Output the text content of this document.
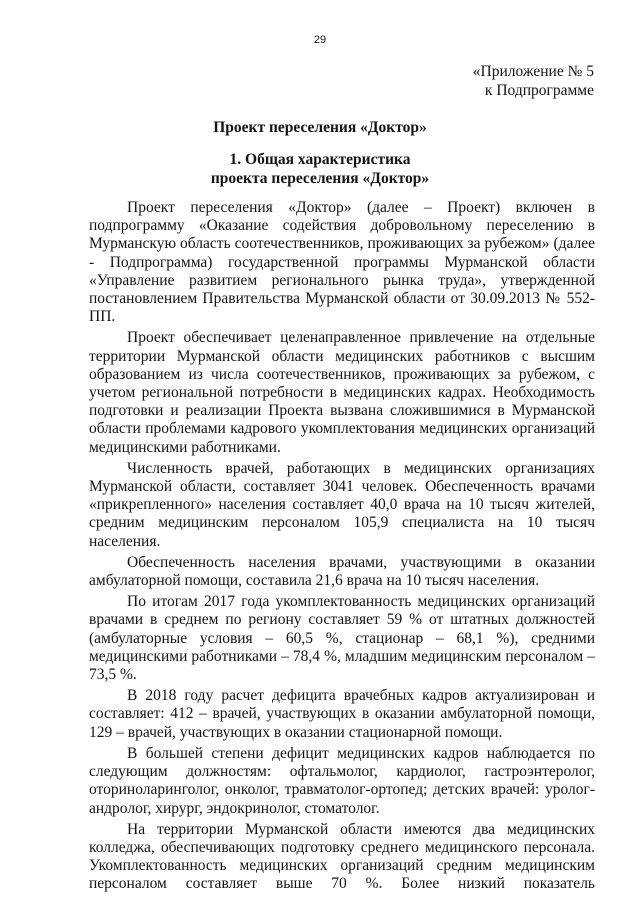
29
«Приложение № 5
к Подпрограмме
Проект переселения «Доктор»
1. Общая характеристика
проекта переселения «Доктор»

Проект переселения «Доктор» (далее – Проект) включен в подпрограмму «Оказание содействия добровольному переселению в Мурманскую область соотечественников, проживающих за рубежом» (далее - Подпрограмма) государственной программы Мурманской области «Управление развитием регионального рынка труда», утвержденной постановлением Правительства Мурманской области от 30.09.2013 № 552-ПП.

Проект обеспечивает целенаправленное привлечение на отдельные территории Мурманской области медицинских работников с высшим образованием из числа соотечественников, проживающих за рубежом, с учетом региональной потребности в медицинских кадрах. Необходимость подготовки и реализации Проекта вызвана сложившимися в Мурманской области проблемами кадрового укомплектования медицинских организаций медицинскими работниками.

Численность врачей, работающих в медицинских организациях Мурманской области, составляет 3041 человек. Обеспеченность врачами «прикрепленного» населения составляет 40,0 врача на 10 тысяч жителей, средним медицинским персоналом 105,9 специалиста на 10 тысяч населения.

Обеспеченность населения врачами, участвующими в оказании амбулаторной помощи, составила 21,6 врача на 10 тысяч населения.

По итогам 2017 года укомплектованность медицинских организаций врачами в среднем по региону составляет 59 % от штатных должностей (амбулаторные условия – 60,5 %, стационар – 68,1 %), средними медицинскими работниками – 78,4 %, младшим медицинским персоналом – 73,5 %.

В 2018 году расчет дефицита врачебных кадров актуализирован и составляет: 412 – врачей, участвующих в оказании амбулаторной помощи, 129 – врачей, участвующих в оказании стационарной помощи.

В большей степени дефицит медицинских кадров наблюдается по следующим должностям: офтальмолог, кардиолог, гастроэнтеролог, оториноларинголог, онколог, травматолог-ортопед; детских врачей: уролог-андролог, хирург, эндокринолог, стоматолог.

На территории Мурманской области имеются два медицинских колледжа, обеспечивающих подготовку среднего медицинского персонала. Укомплектованность медицинских организаций средним медицинским персоналом составляет выше 70 %. Более низкий показатель
